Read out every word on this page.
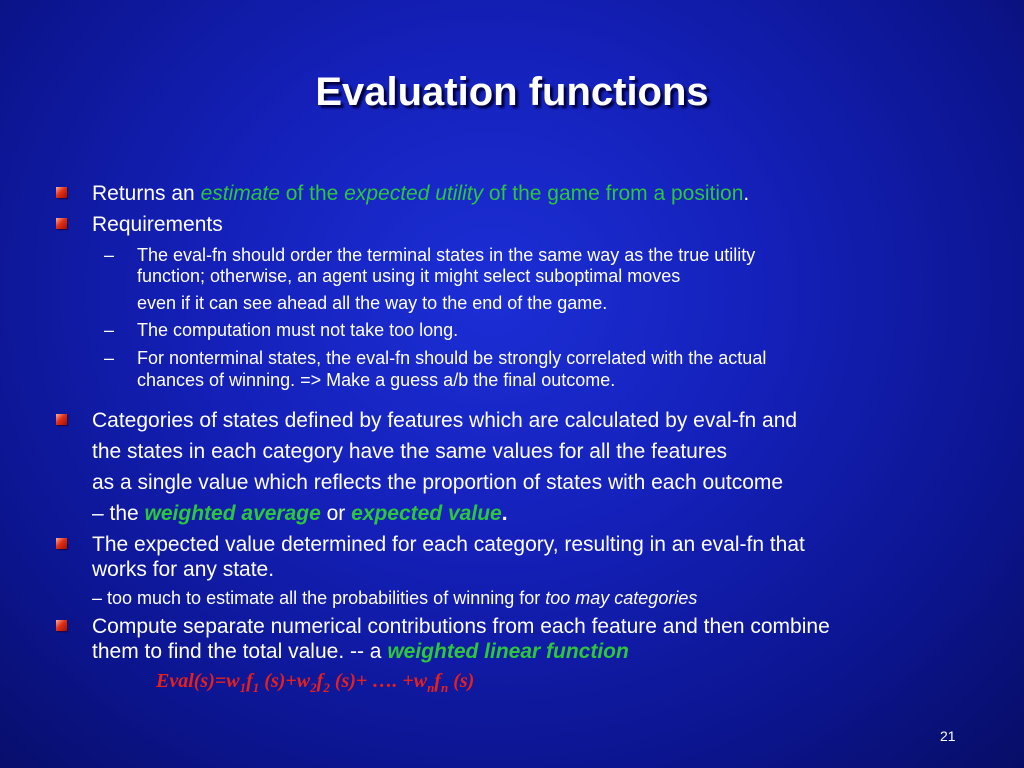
Evaluation functions
Returns an estimate of the expected utility of the game from a position.
Requirements
– The eval-fn should order the terminal states in the same way as the true utility
function; otherwise, an agent using it might select suboptimal moves
even if it can see ahead all the way to the end of the game.
– The computation must not take too long.
– For nonterminal states, the eval-fn should be strongly correlated with the actual
chances of winning. => Make a guess a/b the final outcome.
Categories of states defined by features which are calculated by eval-fn and
the states in each category have the same values for all the features
as a single value which reflects the proportion of states with each outcome
– the weighted average or expected value.
The expected value determined for each category, resulting in an eval-fn that
works for any state.
– too much to estimate all the probabilities of winning for too may categories
Compute separate numerical contributions from each feature and then combine
them to find the total value. -- a weighted linear function
$Eval(s)=w_1f_1$ $(s)+w_2f_2$ (s)+ …. $+w_nf_n$ (s)
21
